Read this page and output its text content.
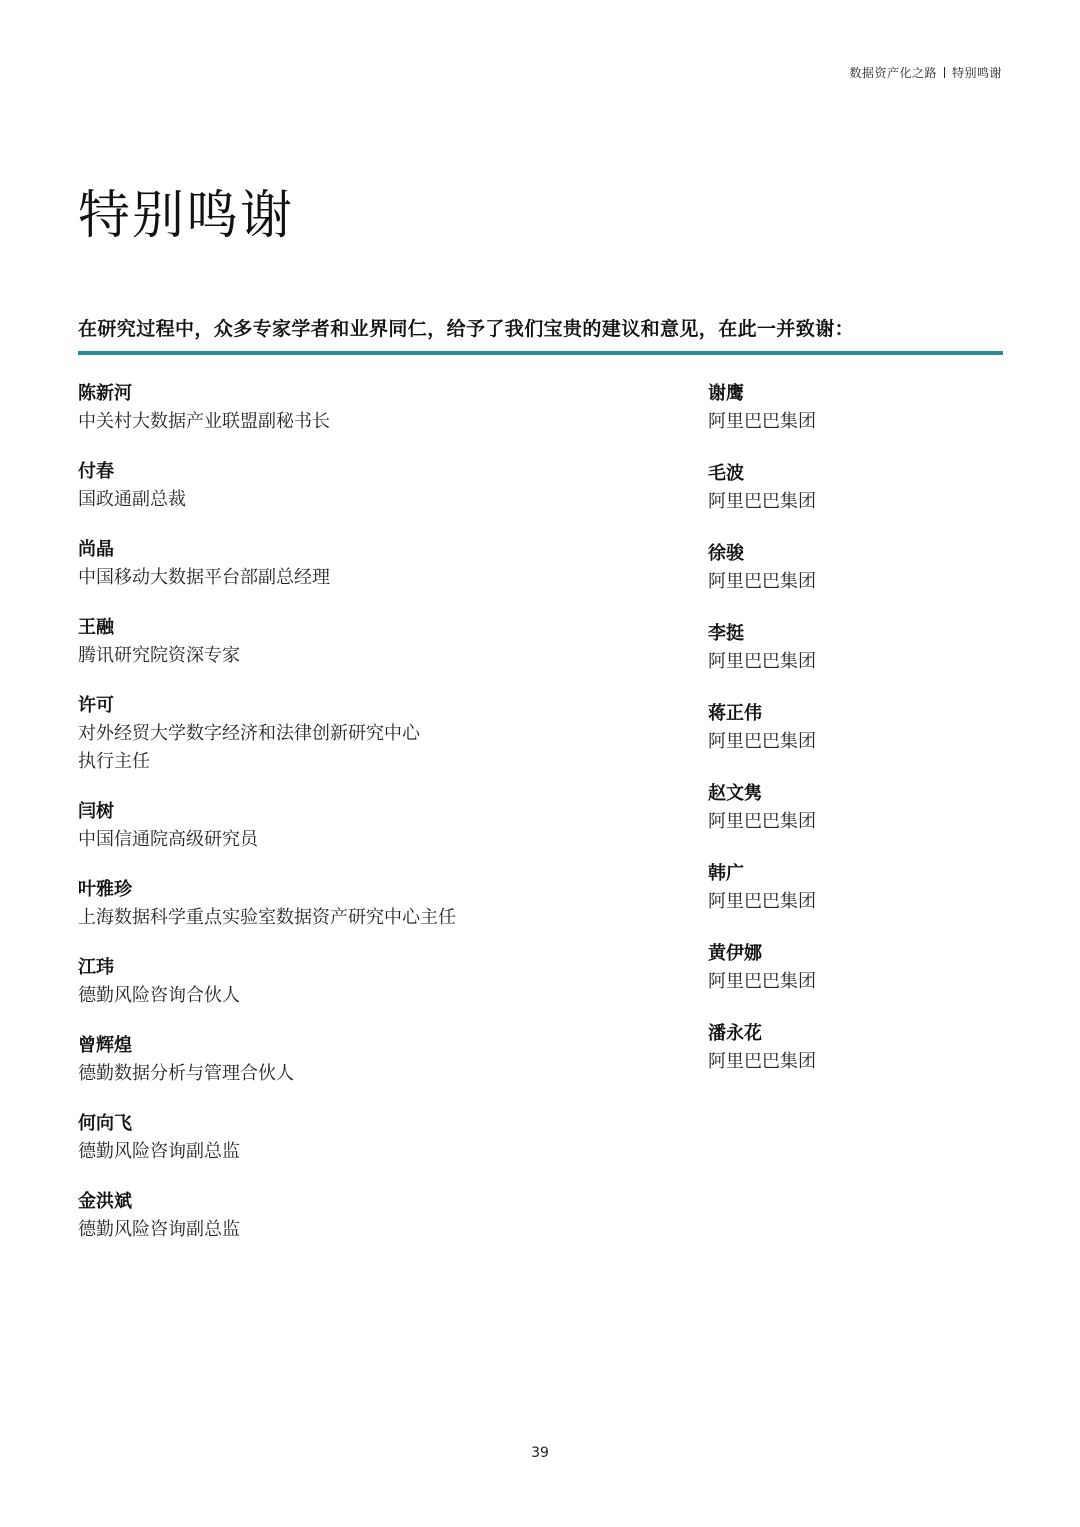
数据资产化之路 特别鸣谢
特别鸣谢

在研究过程中，众多专家学者和业界同仁，给予了我们宝贵的建议和意见，在此一并致谢：

陈新河
中关村大数据产业联盟副秘书长
付春
国政通副总裁
尚晶
中国移动大数据平台部副总经理
王融
腾讯研究院资深专家
许可
对外经贸大学数字经济和法律创新研究中心
执行主任
闫树
中国信通院高级研究员
叶雅珍
上海数据科学重点实验室数据资产研究中心主任
江玮
德勤风险咨询合伙人
曾辉煌
德勤数据分析与管理合伙人
何向飞
德勤风险咨询副总监
金洪斌
德勤风险咨询副总监
谢鹰
阿里巴巴集团
毛波
阿里巴巴集团
徐骏
阿里巴巴集团
李挺
阿里巴巴集团
蒋正伟
阿里巴巴集团
赵文隽
阿里巴巴集团
韩广
阿里巴巴集团
黄伊娜
阿里巴巴集团
潘永花
阿里巴巴集团
39
